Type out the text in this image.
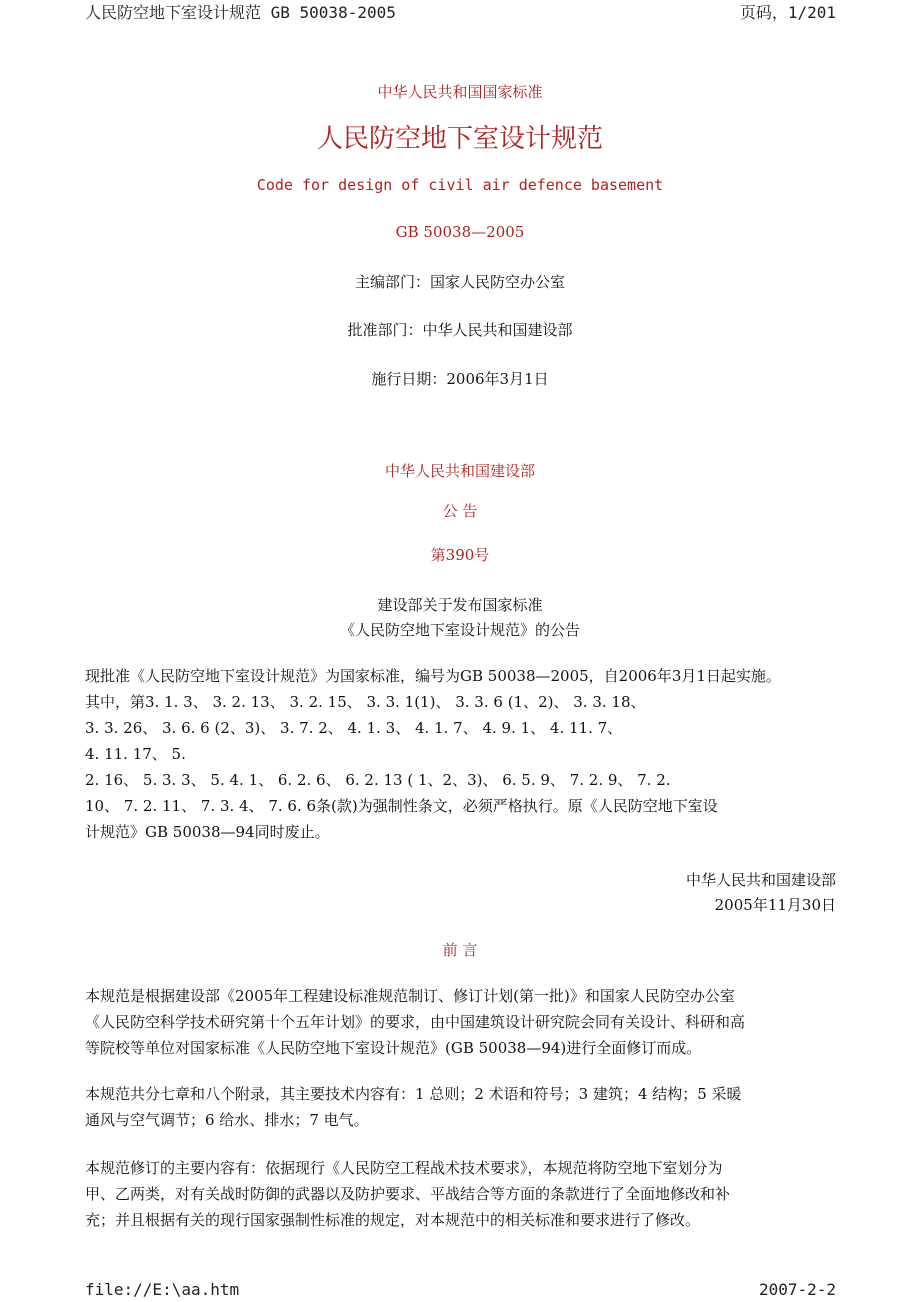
人民防空地下室设计规范 GB 50038-2005	页码，1/201
中华人民共和国国家标准
人民防空地下室设计规范
Code for design of civil air defence basement
GB 50038—2005
主编部门：国家人民防空办公室
批准部门：中华人民共和国建设部
施行日期：2006年3月1日
中华人民共和国建设部
公 告
第390号
建设部关于发布国家标准
《人民防空地下室设计规范》的公告
现批准《人民防空地下室设计规范》为国家标准，编号为GB 50038—2005，自2006年3月1日起实施。
其中，第3. 1. 3、 3. 2. 13、 3. 2. 15、 3. 3. 1(1)、 3. 3. 6 (1、2)、 3. 3. 18、
3. 3. 26、 3. 6. 6 (2、3)、 3. 7. 2、 4. 1. 3、 4. 1. 7、 4. 9. 1、 4. 11. 7、
4. 11. 17、 5.
2. 16、 5. 3. 3、 5. 4. 1、 6. 2. 6、 6. 2. 13 ( 1、2、3)、 6. 5. 9、 7. 2. 9、 7. 2.
10、 7. 2. 11、 7. 3. 4、 7. 6. 6条(款)为强制性条文，必须严格执行。原《人民防空地下室设
计规范》GB 50038—94同时废止。
中华人民共和国建设部
2005年11月30日
前 言
本规范是根据建设部《2005年工程建设标准规范制订、修订计划(第一批)》和国家人民防空办公室
《人民防空科学技术研究第十个五年计划》的要求，由中国建筑设计研究院会同有关设计、科研和高
等院校等单位对国家标准《人民防空地下室设计规范》(GB 50038—94)进行全面修订而成。
本规范共分七章和八个附录，其主要技术内容有：1 总则；2 术语和符号；3 建筑；4 结构；5 采暖
通风与空气调节；6 给水、排水；7 电气。
本规范修订的主要内容有：依据现行《人民防空工程战术技术要求》，本规范将防空地下室划分为
甲、乙两类，对有关战时防御的武器以及防护要求、平战结合等方面的条款进行了全面地修改和补
充；并且根据有关的现行国家强制性标准的规定，对本规范中的相关标准和要求进行了修改。
file://E:\aa.htm	2007-2-2
